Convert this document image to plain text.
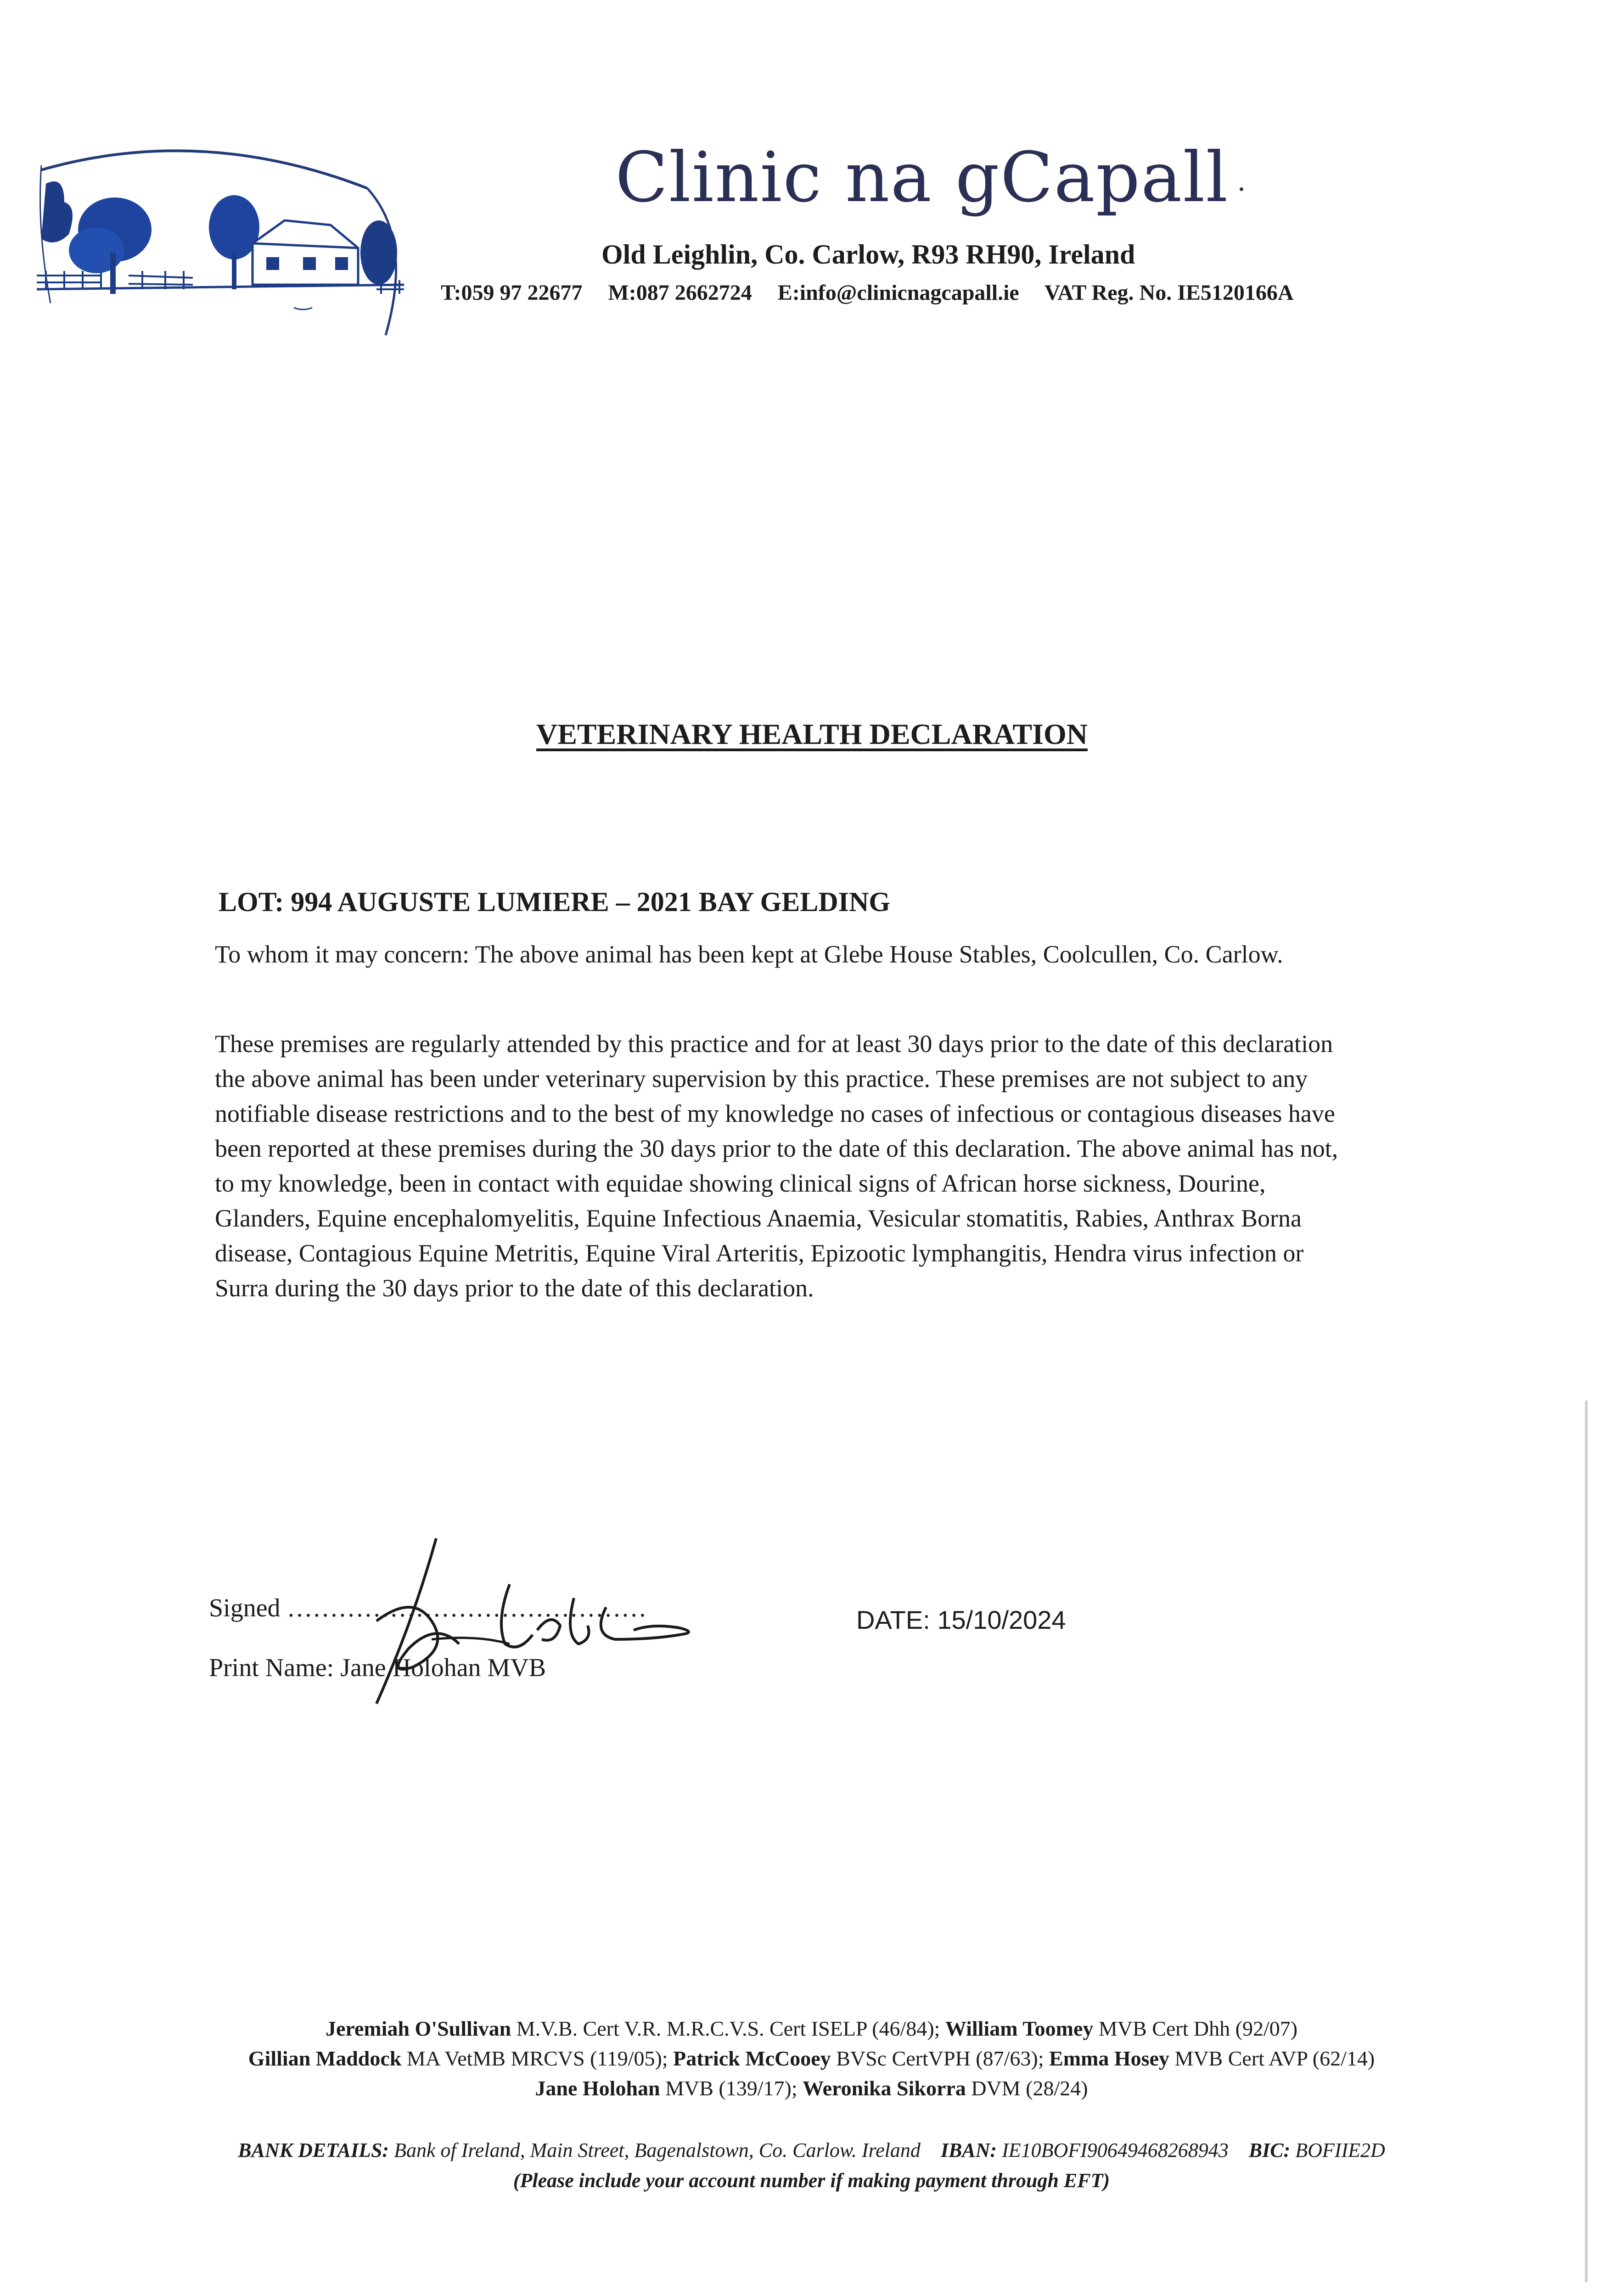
Clinic na gCapall
Old Leighlin, Co. Carlow, R93 RH90, Ireland
T:059 97 22677 M:087 2662724 E:info@clinicnagcapall.ie VAT Reg. No. IE5120166A
VETERINARY HEALTH DECLARATION
LOT: 994 AUGUSTE LUMIERE – 2021 BAY GELDING
To whom it may concern: The above animal has been kept at Glebe House Stables, Coolcullen, Co. Carlow.
These premises are regularly attended by this practice and for at least 30 days prior to the date of this declaration the above animal has been under veterinary supervision by this practice. These premises are not subject to any notifiable disease restrictions and to the best of my knowledge no cases of infectious or contagious diseases have been reported at these premises during the 30 days prior to the date of this declaration. The above animal has not, to my knowledge, been in contact with equidae showing clinical signs of African horse sickness, Dourine, Glanders, Equine encephalomyelitis, Equine Infectious Anaemia, Vesicular stomatitis, Rabies, Anthrax Borna disease, Contagious Equine Metritis, Equine Viral Arteritis, Epizootic lymphangitis, Hendra virus infection or Surra during the 30 days prior to the date of this declaration.
Signed ……………………………………
Print Name: Jane Holohan MVB
DATE: 15/10/2024
Jeremiah O'Sullivan M.V.B. Cert V.R. M.R.C.V.S. Cert ISELP (46/84); William Toomey MVB Cert Dhh (92/07)
Gillian Maddock MA VetMB MRCVS (119/05); Patrick McCooey BVSc CertVPH (87/63); Emma Hosey MVB Cert AVP (62/14)
Jane Holohan MVB (139/17); Weronika Sikorra DVM (28/24)
BANK DETAILS: Bank of Ireland, Main Street, Bagenalstown, Co. Carlow. Ireland IBAN: IE10BOFI90649468268943 BIC: BOFIIE2D
(Please include your account number if making payment through EFT)
